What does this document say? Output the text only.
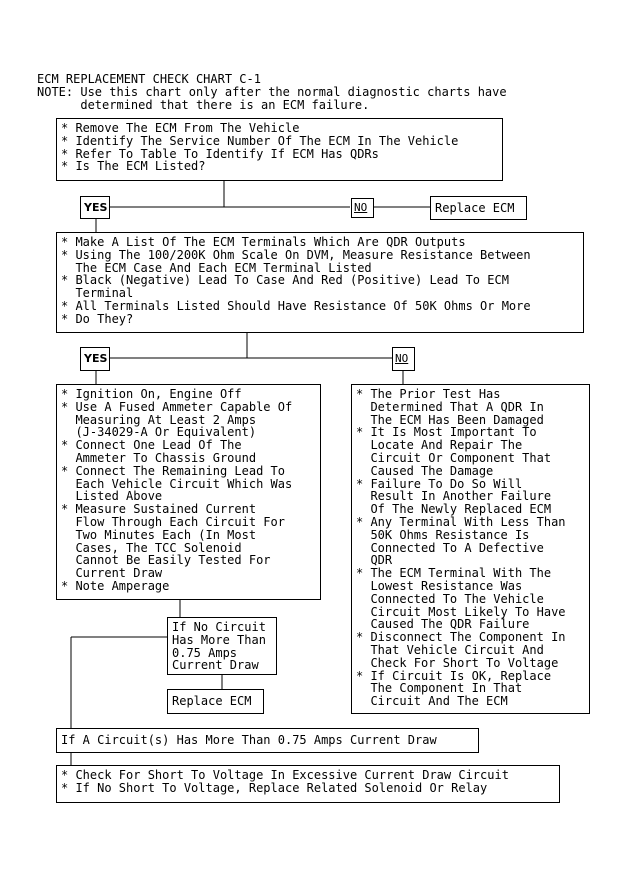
ECM REPLACEMENT CHECK CHART C-1
NOTE: Use this chart only after the normal diagnostic charts have
determined that there is an ECM failure.
* Remove The ECM From The Vehicle
* Identify The Service Number Of The ECM In The Vehicle
* Refer To Table To Identify If ECM Has QDRs
* Is The ECM Listed?
YES	NO	Replace ECM
* Make A List Of The ECM Terminals Which Are QDR Outputs
* Using The 100/200K Ohm Scale On DVM, Measure Resistance Between
The ECM Case And Each ECM Terminal Listed
* Black (Negative) Lead To Case And Red (Positive) Lead To ECM
Terminal
* All Terminals Listed Should Have Resistance Of 50K Ohms Or More
* Do They?
YES	NO
* Ignition On, Engine Off
* Use A Fused Ammeter Capable Of
Measuring At Least 2 Amps
(J-34029-A Or Equivalent)
* Connect One Lead Of The
Ammeter To Chassis Ground
* Connect The Remaining Lead To
Each Vehicle Circuit Which Was
Listed Above
* Measure Sustained Current
Flow Through Each Circuit For
Two Minutes Each (In Most
Cases, The TCC Solenoid
Cannot Be Easily Tested For
Current Draw
* Note Amperage
* The Prior Test Has
Determined That A QDR In
The ECM Has Been Damaged
* It Is Most Important To
Locate And Repair The
Circuit Or Component That
Caused The Damage
* Failure To Do So Will
Result In Another Failure
Of The Newly Replaced ECM
* Any Terminal With Less Than
50K Ohms Resistance Is
Connected To A Defective
QDR
* The ECM Terminal With The
Lowest Resistance Was
Connected To The Vehicle
Circuit Most Likely To Have
Caused The QDR Failure
* Disconnect The Component In
That Vehicle Circuit And
Check For Short To Voltage
* If Circuit Is OK, Replace
The Component In That
Circuit And The ECM
If No Circuit
Has More Than
0.75 Amps
Current Draw
Replace ECM
If A Circuit(s) Has More Than 0.75 Amps Current Draw
* Check For Short To Voltage In Excessive Current Draw Circuit
* If No Short To Voltage, Replace Related Solenoid Or Relay
